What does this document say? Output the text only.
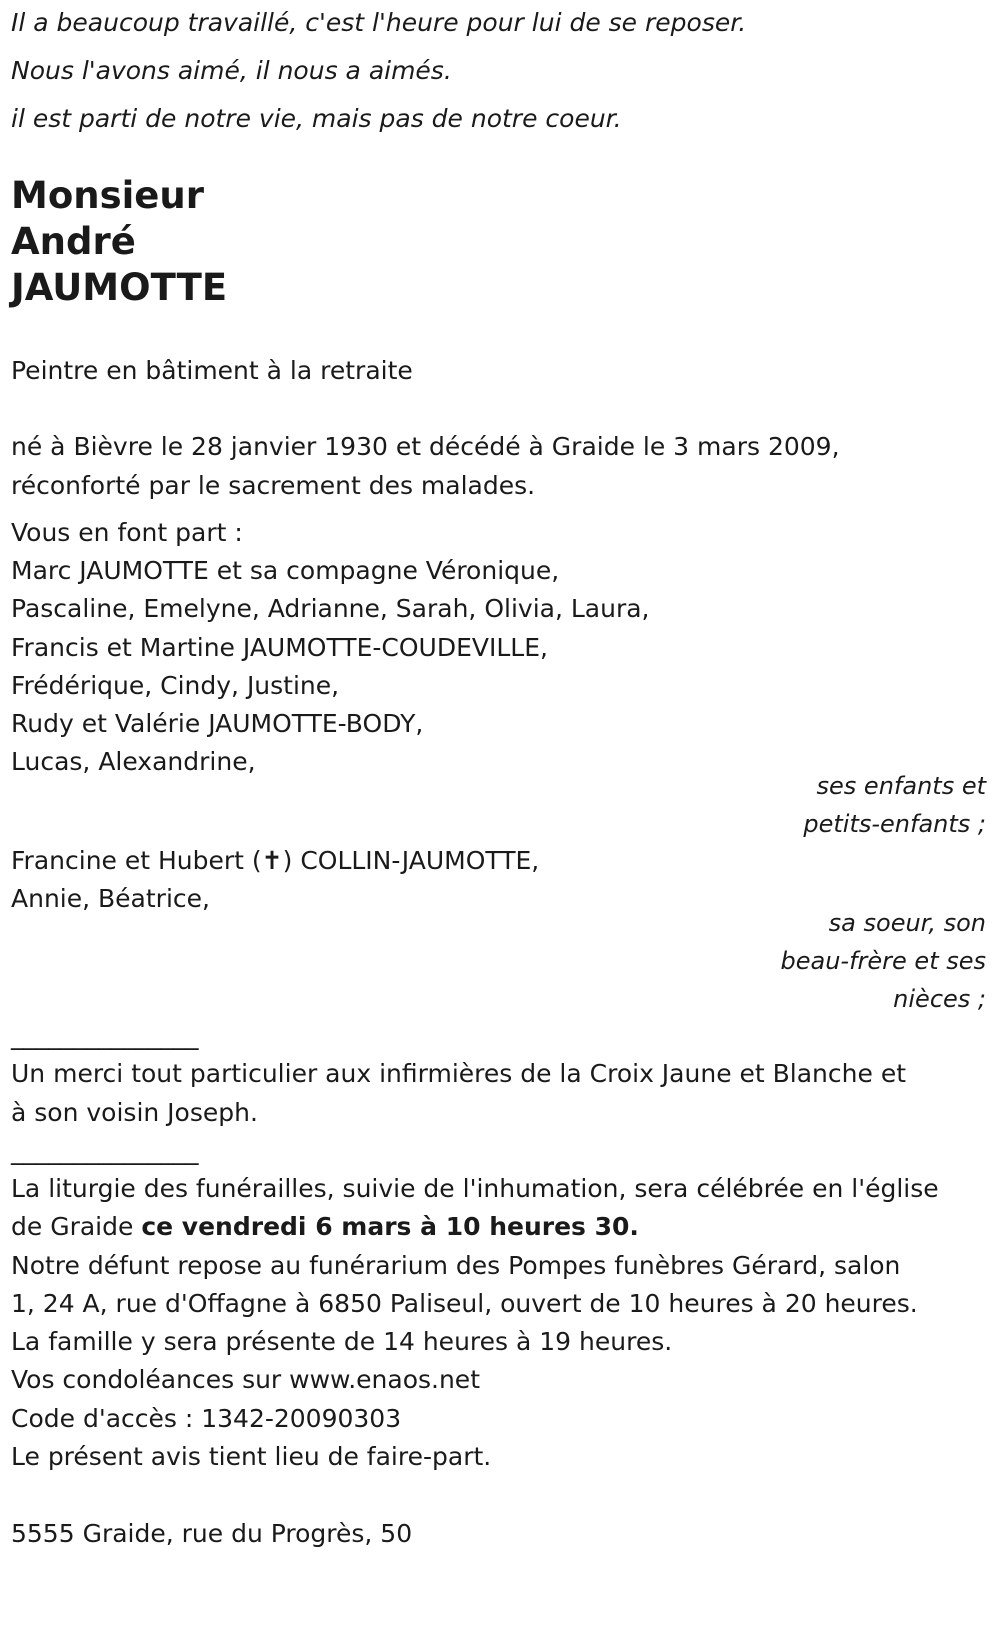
Il a beaucoup travaillé, c'est l'heure pour lui de se reposer.
Nous l'avons aimé, il nous a aimés.
il est parti de notre vie, mais pas de notre coeur.
Monsieur
André
JAUMOTTE
Peintre en bâtiment à la retraite
né à Bièvre le 28 janvier 1930 et décédé à Graide le 3 mars 2009,
réconforté par le sacrement des malades.
Vous en font part :
Marc JAUMOTTE et sa compagne Véronique,
Pascaline, Emelyne, Adrianne, Sarah, Olivia, Laura,
Francis et Martine JAUMOTTE-COUDEVILLE,
Frédérique, Cindy, Justine,
Rudy et Valérie JAUMOTTE-BODY,
Lucas, Alexandrine,
ses enfants et
petits-enfants ;
Francine et Hubert (✝) COLLIN-JAUMOTTE,
Annie, Béatrice,
sa soeur, son
beau-frère et ses
nièces ;
_______________
Un merci tout particulier aux infirmières de la Croix Jaune et Blanche et
à son voisin Joseph.
_______________
La liturgie des funérailles, suivie de l'inhumation, sera célébrée en l'église
de Graide ce vendredi 6 mars à 10 heures 30.
Notre défunt repose au funérarium des Pompes funèbres Gérard, salon
1, 24 A, rue d'Offagne à 6850 Paliseul, ouvert de 10 heures à 20 heures.
La famille y sera présente de 14 heures à 19 heures.
Vos condoléances sur www.enaos.net
Code d'accès : 1342-20090303
Le présent avis tient lieu de faire-part.
5555 Graide, rue du Progrès, 50
